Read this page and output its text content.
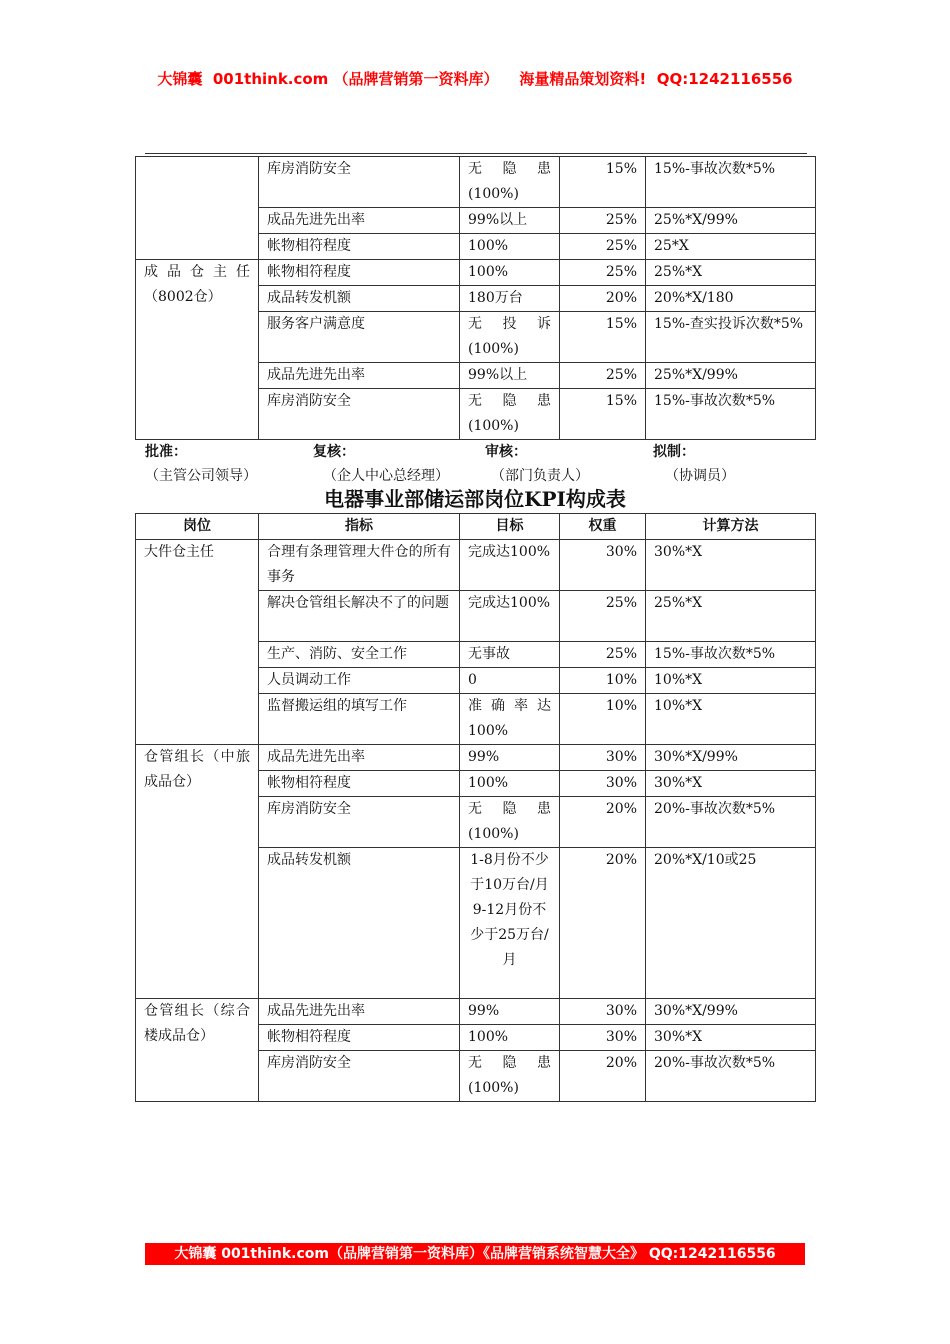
大锦囊  001think.com （品牌营销第一资料库）    海量精品策划资料!  QQ:1242116556
	库房消防安全	无隐患(100%)	15%	15%-事故次数*5%
	成品先进先出率	99%以上	25%	25%*X/99%
	帐物相符程度	100%	25%	25*X
成品仓主任（8002仓）	帐物相符程度	100%	25%	25%*X
	成品转发机额	180万台	20%	20%*X/180
	服务客户满意度	无投诉(100%)	15%	15%-查实投诉次数*5%
	成品先进先出率	99%以上	25%	25%*X/99%
	库房消防安全	无隐患(100%)	15%	15%-事故次数*5%
批准：	复核：	审核：	拟制：
（主管公司领导）	（企人中心总经理）	（部门负责人）	（协调员）
电器事业部储运部岗位KPI构成表
岗位	指标	目标	权重	计算方法
大件仓主任	合理有条理管理大件仓的所有事务	完成达100%	30%	30%*X
	解决仓管组长解决不了的问题	完成达100%	25%	25%*X
	生产、消防、安全工作	无事故	25%	15%-事故次数*5%
	人员调动工作	0	10%	10%*X
	监督搬运组的填写工作	准确率达100%	10%	10%*X
仓管组长（中旅成品仓）	成品先进先出率	99%	30%	30%*X/99%
	帐物相符程度	100%	30%	30%*X
	库房消防安全	无隐患(100%)	20%	20%-事故次数*5%
	成品转发机额	1-8月份不少于10万台/月 9-12月份不少于25万台/月	20%	20%*X/10或25
仓管组长（综合楼成品仓）	成品先进先出率	99%	30%	30%*X/99%
	帐物相符程度	100%	30%	30%*X
	库房消防安全	无隐患(100%)	20%	20%-事故次数*5%
大锦囊 001think.com（品牌营销第一资料库）《品牌营销系统智慧大全》 QQ:1242116556
